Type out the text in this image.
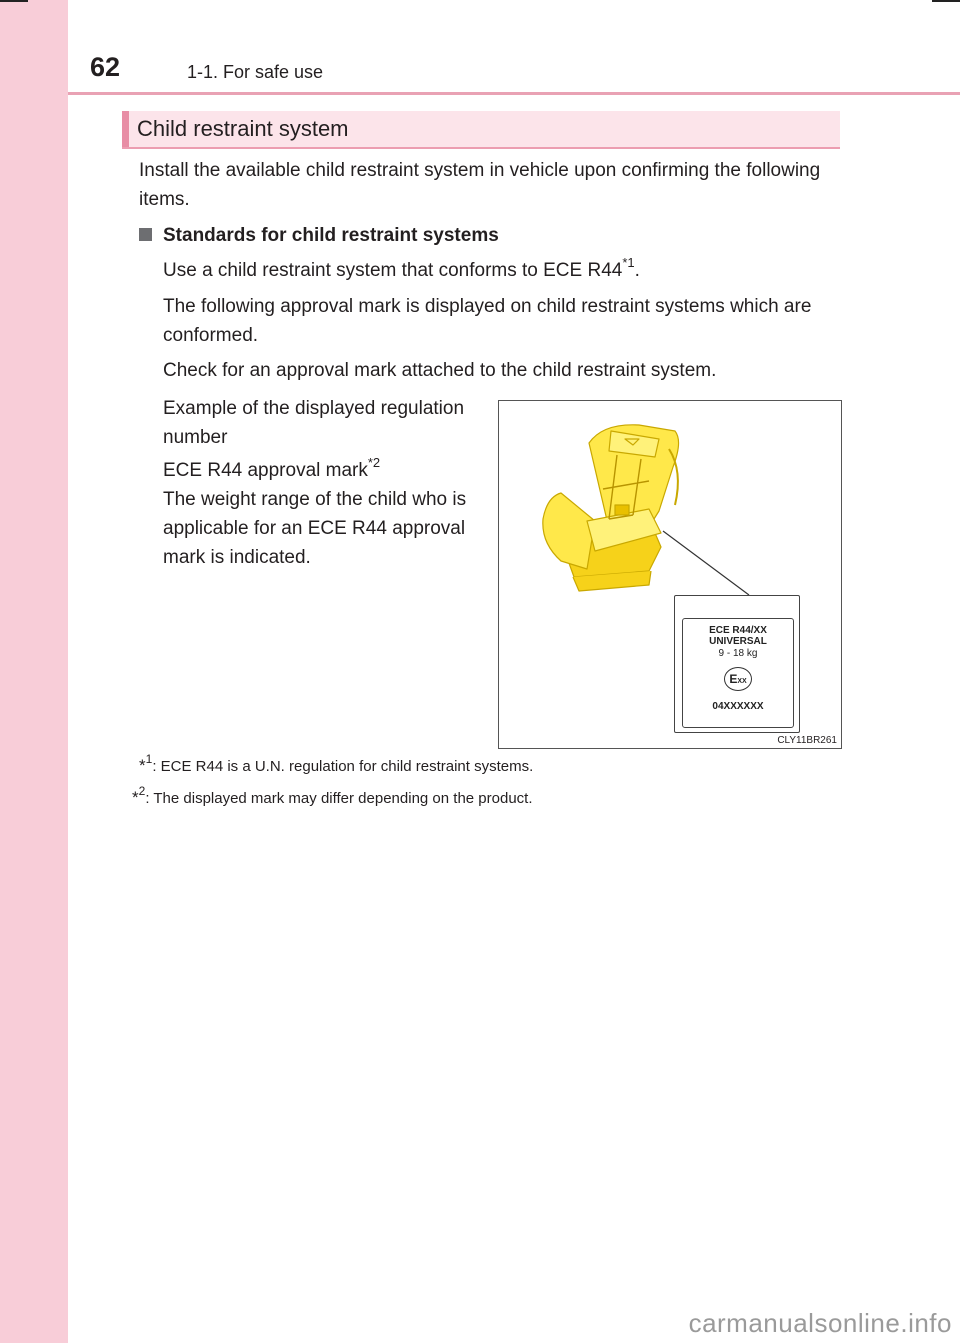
62	1-1. For safe use
Child restraint system
Install the available child restraint system in vehicle upon confirming the following items.
Standards for child restraint systems
Use a child restraint system that conforms to ECE R44$^{*1}$.
The following approval mark is displayed on child restraint systems which are conformed.
Check for an approval mark attached to the child restraint system.
Example of the displayed regulation number
ECE R44 approval mark$^{*2}$
The weight range of the child who is applicable for an ECE R44 approval mark is indicated.
ECE R44/XX
UNIVERSAL
9 - 18 kg
EXX
04XXXXXX
CLY11BR261
*$^1$: ECE R44 is a U.N. regulation for child restraint systems.
*$^2$: The displayed mark may differ depending on the product.
carmanualsonline.info
